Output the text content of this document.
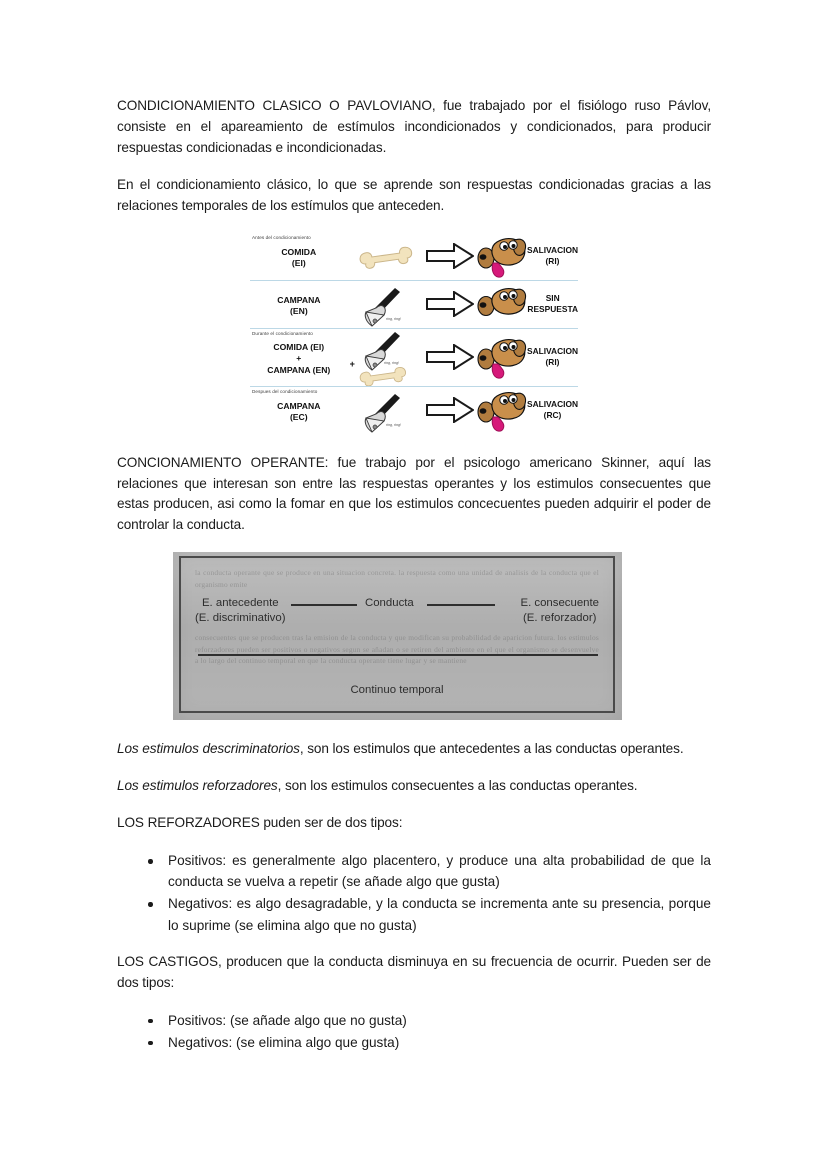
CONDICIONAMIENTO CLASICO O PAVLOVIANO, fue trabajado por el fisiólogo ruso Pávlov, consiste en el apareamiento de estímulos incondicionados y condicionados, para producir respuestas condicionadas e incondicionadas.

En el condicionamiento clásico, lo que se aprende son respuestas condicionadas gracias a las relaciones temporales de los estímulos que anteceden.

Antes del condicionamiento
COMIDA
(EI)
SALIVACION
(RI)
CAMPANA
(EN)
ring, ring!
SIN RESPUESTA
Durante el condicionamiento
COMIDA (EI)
+
CAMPANA (EN)
+	ring, ring!
SALIVACION
(RI)
Despues del condicionamiento
CAMPANA
(EC)
ring, ring!
SALIVACION
(RC)

CONCIONAMIENTO OPERANTE: fue trabajo por el psicologo americano Skinner, aquí las relaciones que interesan son entre las respuestas operantes y los estimulos consecuentes que estas producen, asi como la fomar en que los estimulos concecuentes pueden adquirir el poder de controlar la conducta.

la conducta operante que se produce en una situacion concreta. la respuesta como una unidad de analisis de la conducta que el organismo emite
consecuentes que se producen tras la emision de la conducta y que modifican su probabilidad de aparicion futura. los estimulos reforzadores pueden ser positivos o negativos segun se añadan o se retiren del ambiente en el que el organismo se desenvuelve a lo largo del continuo temporal en que la conducta operante tiene lugar y se mantiene
E. antecedente
(E. discriminativo)
Conducta	E. consecuente
(E. reforzador)
Continuo temporal

Los estimulos descriminatorios, son los estimulos que antecedentes a las conductas operantes.

Los estimulos reforzadores, son los estimulos consecuentes a las conductas operantes.

LOS REFORZADORES puden ser de dos tipos:

Positivos: es generalmente algo placentero, y produce una alta probabilidad de que la conducta se vuelva a repetir (se añade algo que gusta)
Negativos: es algo desagradable, y la conducta se incrementa ante su presencia, porque lo suprime (se elimina algo que no gusta)

LOS CASTIGOS, producen que la conducta disminuya en su frecuencia de ocurrir. Pueden ser de dos tipos:

Positivos: (se añade algo que no gusta)
Negativos: (se elimina algo que gusta)
